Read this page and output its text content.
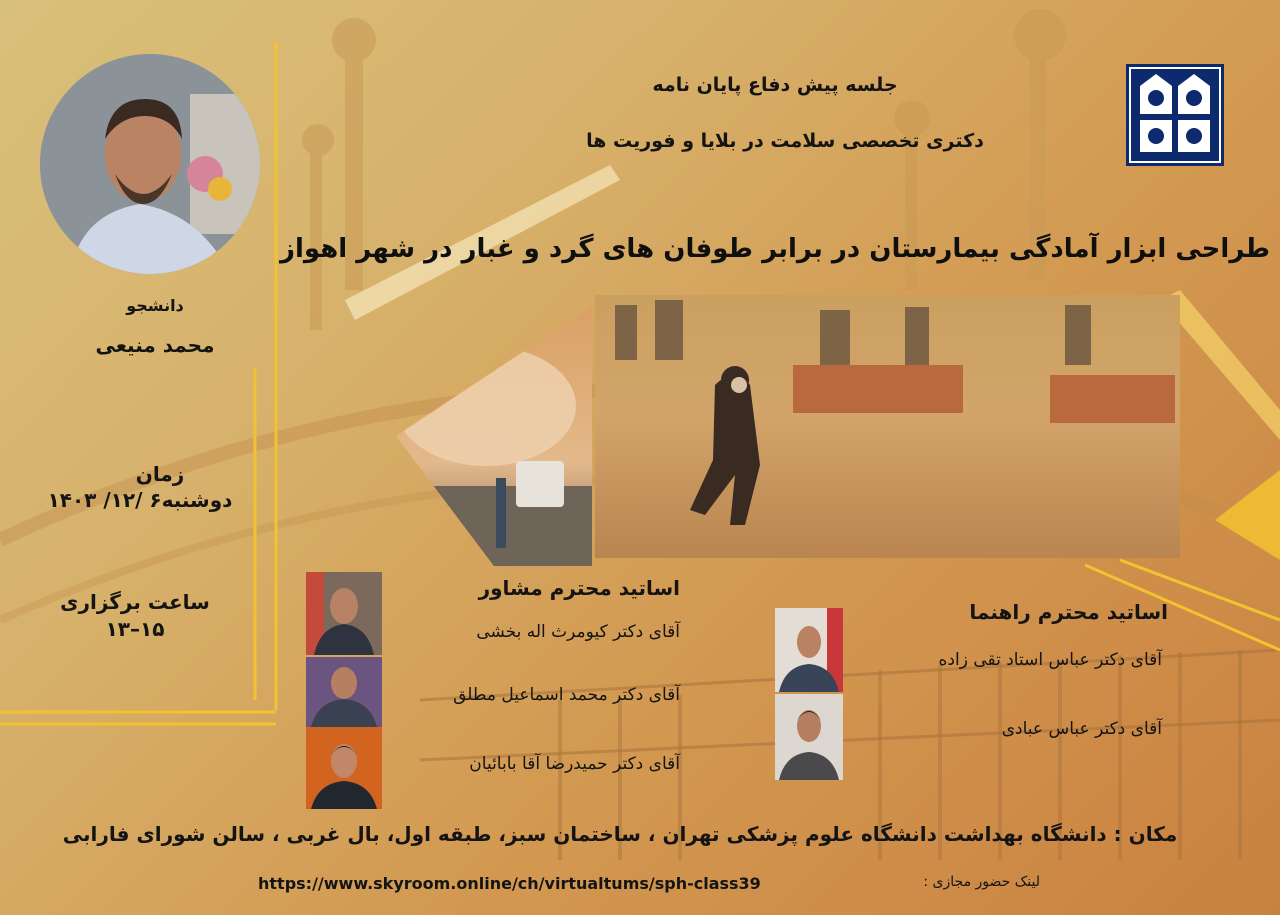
جلسه پیش دفاع پایان نامه
دکتری تخصصی سلامت در بلایا و فوریت ها
طراحی ابزار آمادگی بیمارستان در برابر طوفان های گرد و غبار در شهر اهواز
دانشجو
محمد منیعی
زمان
دوشنبه۶ /۱۲/ ۱۴۰۳
ساعت برگزاری
۱۵–۱۳
اساتید محترم مشاور
آقای دکتر کیومرث اله بخشی
آقای دکتر محمد اسماعیل مطلق
آقای دکتر حمیدرضا آقا بابائیان
اساتید محترم راهنما
آقای دکتر عباس استاد تقی زاده
آقای دکتر عباس عبادی
مکان : دانشگاه بهداشت دانشگاه علوم پزشکی تهران ، ساختمان سبز، طبقه اول، بال غربی ، سالن شورای فارابی
لینک حضور مجازی :
https://www.skyroom.online/ch/virtualtums/sph-class39
